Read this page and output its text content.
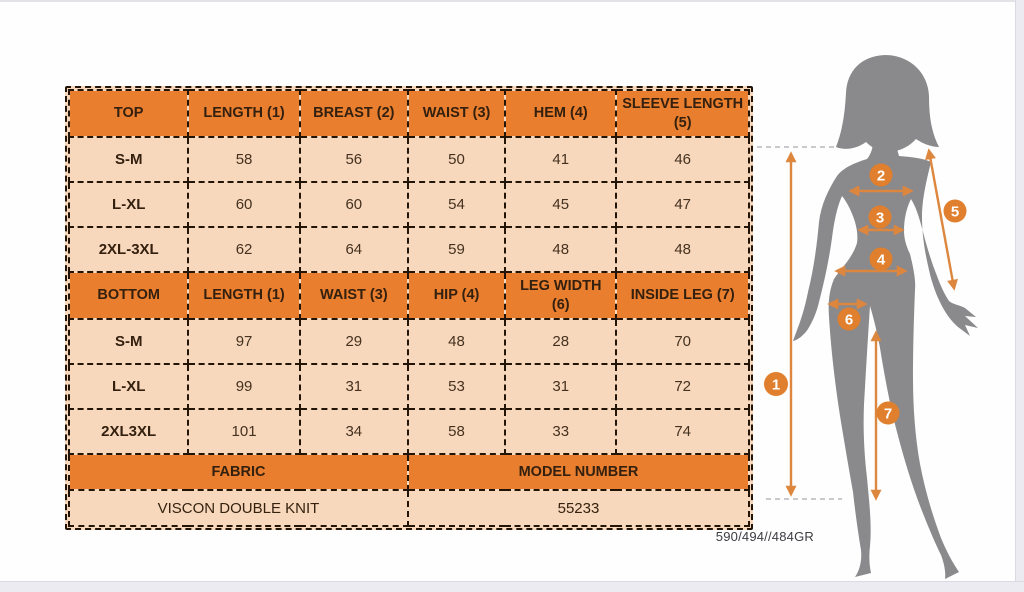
TOP	LENGTH (1)	BREAST (2)	WAIST (3)	HEM (4)	SLEEVE LENGTH (5)
S-M	58	56	50	41	46
L-XL	60	60	54	45	47
2XL-3XL	62	64	59	48	48
BOTTOM	LENGTH (1)	WAIST (3)	HIP (4)	LEG WIDTH (6)	INSIDE LEG (7)
S-M	97	29	48	28	70
L-XL	99	31	53	31	72
2XL3XL	101	34	58	33	74
FABRIC			MODEL NUMBER		
VISCON DOUBLE KNIT			55233		
590/494//484GR
1
2
3
4
5
6
7
